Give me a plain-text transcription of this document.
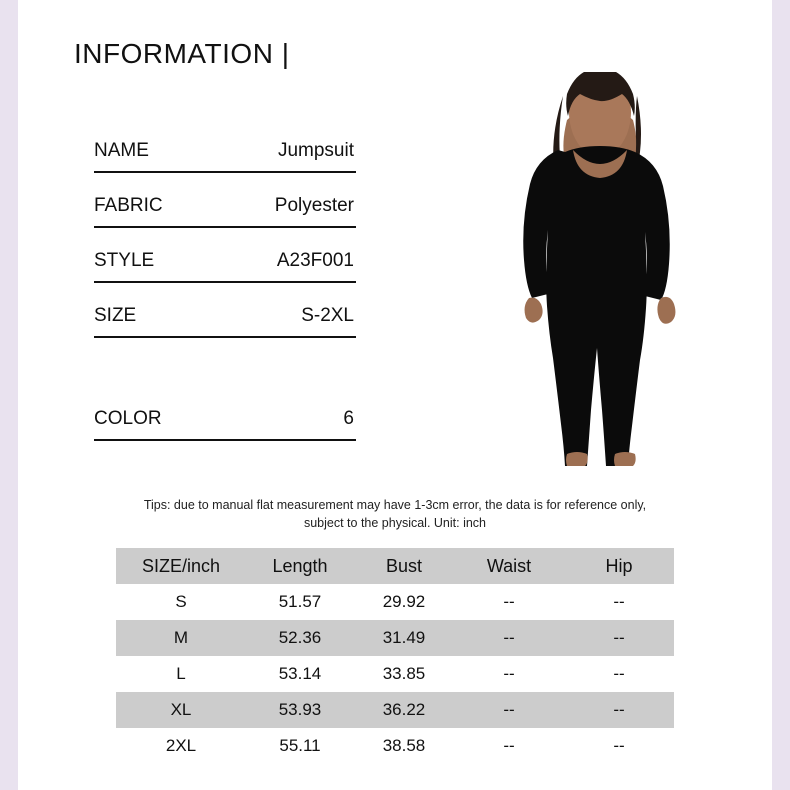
INFORMATION |
NAME	Jumpsuit
FABRIC	Polyester
STYLE	A23F001
SIZE	S-2XL
COLOR	6
Tips: due to manual flat measurement may have 1-3cm error, the data is for reference only,
subject to the physical. Unit: inch
SIZE/inch	Length	Bust	Waist	Hip
S	51.57	29.92	--	--
M	52.36	31.49	--	--
L	53.14	33.85	--	--
XL	53.93	36.22	--	--
2XL	55.11	38.58	--	--
